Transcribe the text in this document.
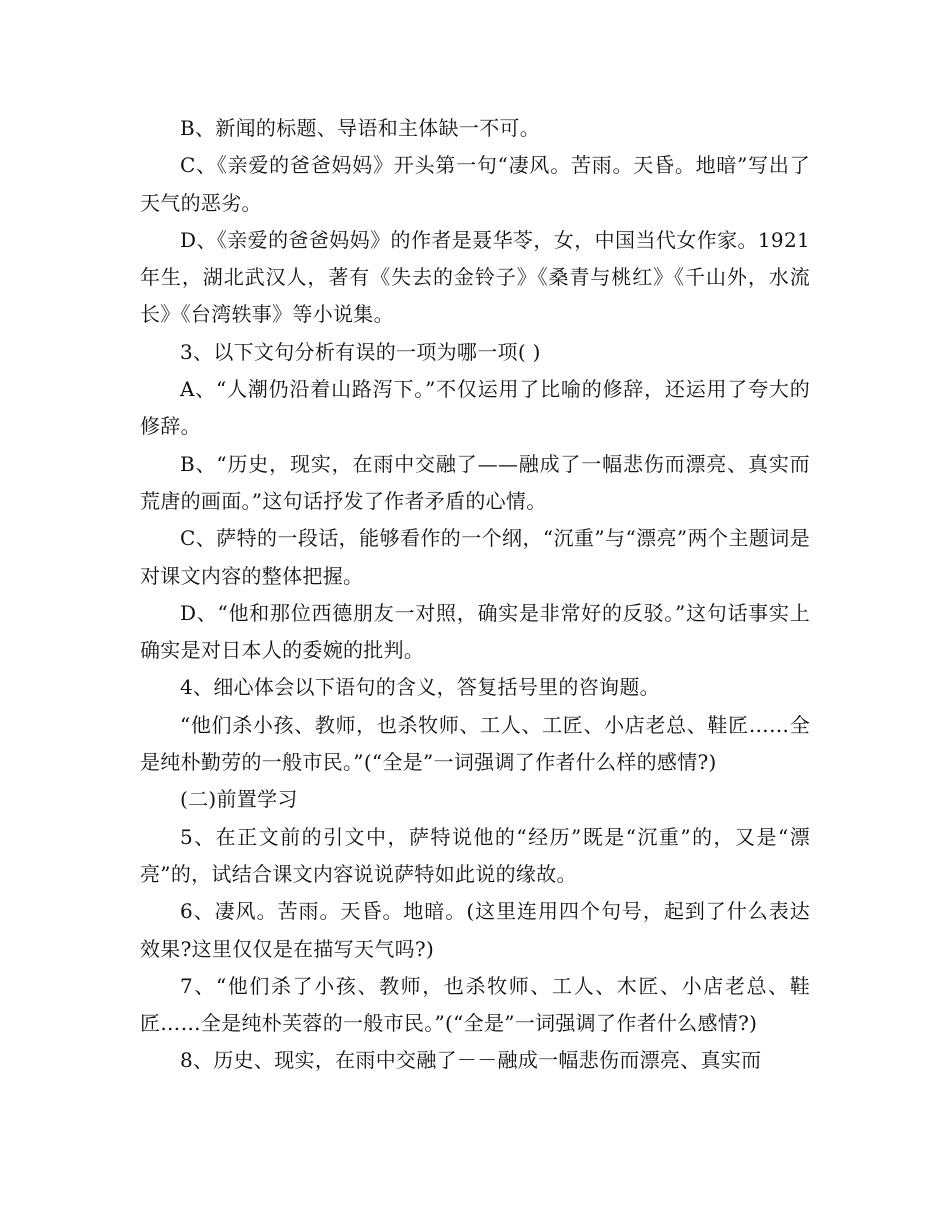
B、新闻的标题、导语和主体缺一不可。

C、《亲爱的爸爸妈妈》开头第一句“凄风。苦雨。天昏。地暗”写出了天气的恶劣。

D、《亲爱的爸爸妈妈》的作者是聂华苓，女，中国当代女作家。1921年生，湖北武汉人，著有《失去的金铃子》《桑青与桃红》《千山外，水流长》《台湾轶事》等小说集。

3、以下文句分析有误的一项为哪一项( )

A、“人潮仍沿着山路泻下。”不仅运用了比喻的修辞，还运用了夸大的修辞。

B、“历史，现实，在雨中交融了——融成了一幅悲伤而漂亮、真实而荒唐的画面。”这句话抒发了作者矛盾的心情。

C、萨特的一段话，能够看作的一个纲，“沉重”与“漂亮”两个主题词是对课文内容的整体把握。

D、“他和那位西德朋友一对照，确实是非常好的反驳。”这句话事实上确实是对日本人的委婉的批判。

4、细心体会以下语句的含义，答复括号里的咨询题。

“他们杀小孩、教师，也杀牧师、工人、工匠、小店老总、鞋匠……全是纯朴勤劳的一般市民。”(“全是”一词强调了作者什么样的感情?)

(二)前置学习

5、在正文前的引文中，萨特说他的“经历”既是“沉重”的，又是“漂亮”的，试结合课文内容说说萨特如此说的缘故。

6、凄风。苦雨。天昏。地暗。(这里连用四个句号，起到了什么表达效果?这里仅仅是在描写天气吗?)

7、“他们杀了小孩、教师，也杀牧师、工人、木匠、小店老总、鞋匠……全是纯朴芙蓉的一般市民。”(“全是”一词强调了作者什么感情?)

8、历史、现实，在雨中交融了－－融成一幅悲伤而漂亮、真实而
